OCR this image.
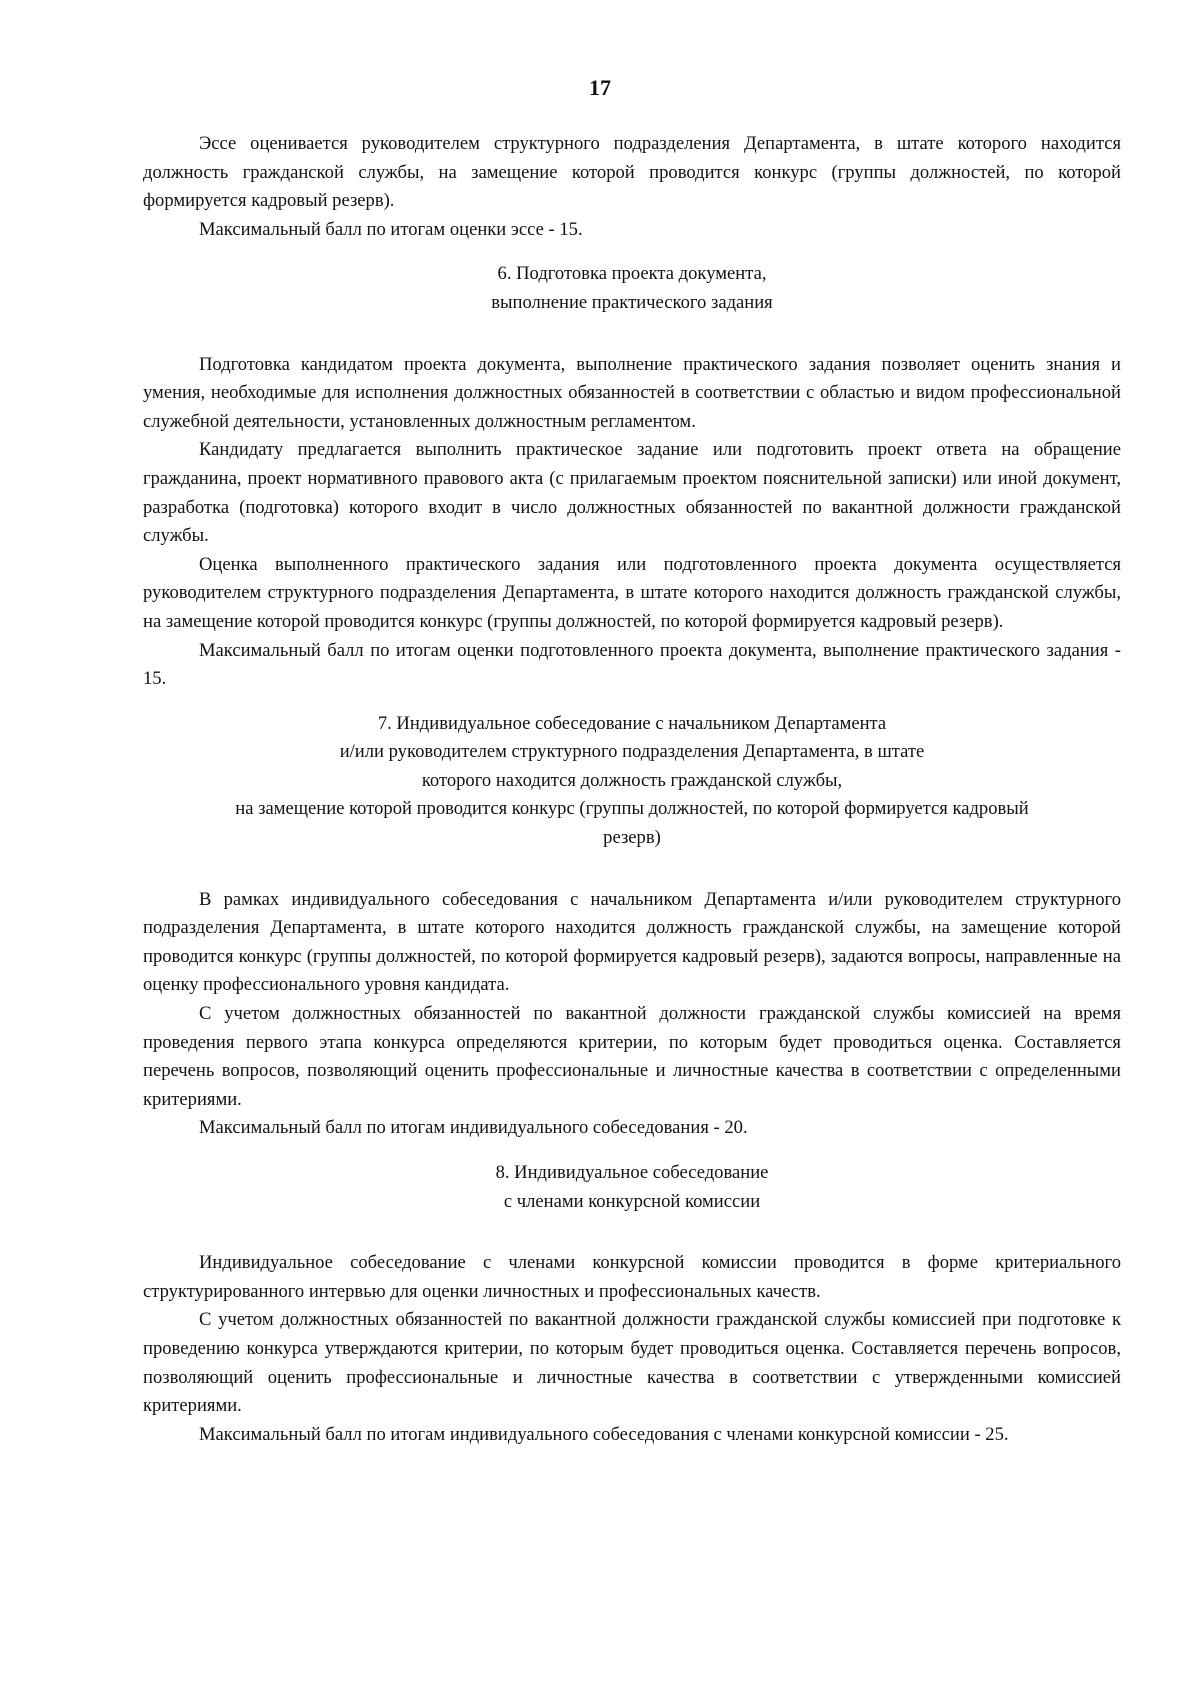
17

Эссе оценивается руководителем структурного подразделения Департамента, в штате которого находится должность гражданской службы, на замещение которой проводится конкурс (группы должностей, по которой формируется кадровый резерв).

Максимальный балл по итогам оценки эссе - 15.

6. Подготовка проекта документа,
выполнение практического задания

Подготовка кандидатом проекта документа, выполнение практического задания позволяет оценить знания и умения, необходимые для исполнения должностных обязанностей в соответствии с областью и видом профессиональной служебной деятельности, установленных должностным регламентом.

Кандидату предлагается выполнить практическое задание или подготовить проект ответа на обращение гражданина, проект нормативного правового акта (с прилагаемым проектом пояснительной записки) или иной документ, разработка (подготовка) которого входит в число должностных обязанностей по вакантной должности гражданской службы.

Оценка выполненного практического задания или подготовленного проекта документа осуществляется руководителем структурного подразделения Департамента, в штате которого находится должность гражданской службы, на замещение которой проводится конкурс (группы должностей, по которой формируется кадровый резерв).

Максимальный балл по итогам оценки подготовленного проекта документа, выполнение практического задания - 15.

7. Индивидуальное собеседование с начальником Департамента
и/или руководителем структурного подразделения Департамента, в штате
которого находится должность гражданской службы,
на замещение которой проводится конкурс (группы должностей, по которой формируется кадровый
резерв)

В рамках индивидуального собеседования с начальником Департамента и/или руководителем структурного подразделения Департамента, в штате которого находится должность гражданской службы, на замещение которой проводится конкурс (группы должностей, по которой формируется кадровый резерв), задаются вопросы, направленные на оценку профессионального уровня кандидата.

С учетом должностных обязанностей по вакантной должности гражданской службы комиссией на время проведения первого этапа конкурса определяются критерии, по которым будет проводиться оценка. Составляется перечень вопросов, позволяющий оценить профессиональные и личностные качества в соответствии с определенными критериями.

Максимальный балл по итогам индивидуального собеседования - 20.

8. Индивидуальное собеседование
с членами конкурсной комиссии

Индивидуальное собеседование с членами конкурсной комиссии проводится в форме критериального структурированного интервью для оценки личностных и профессиональных качеств.

С учетом должностных обязанностей по вакантной должности гражданской службы комиссией при подготовке к проведению конкурса утверждаются критерии, по которым будет проводиться оценка. Составляется перечень вопросов, позволяющий оценить профессиональные и личностные качества в соответствии с утвержденными комиссией критериями.

Максимальный балл по итогам индивидуального собеседования с членами конкурсной комиссии - 25.
